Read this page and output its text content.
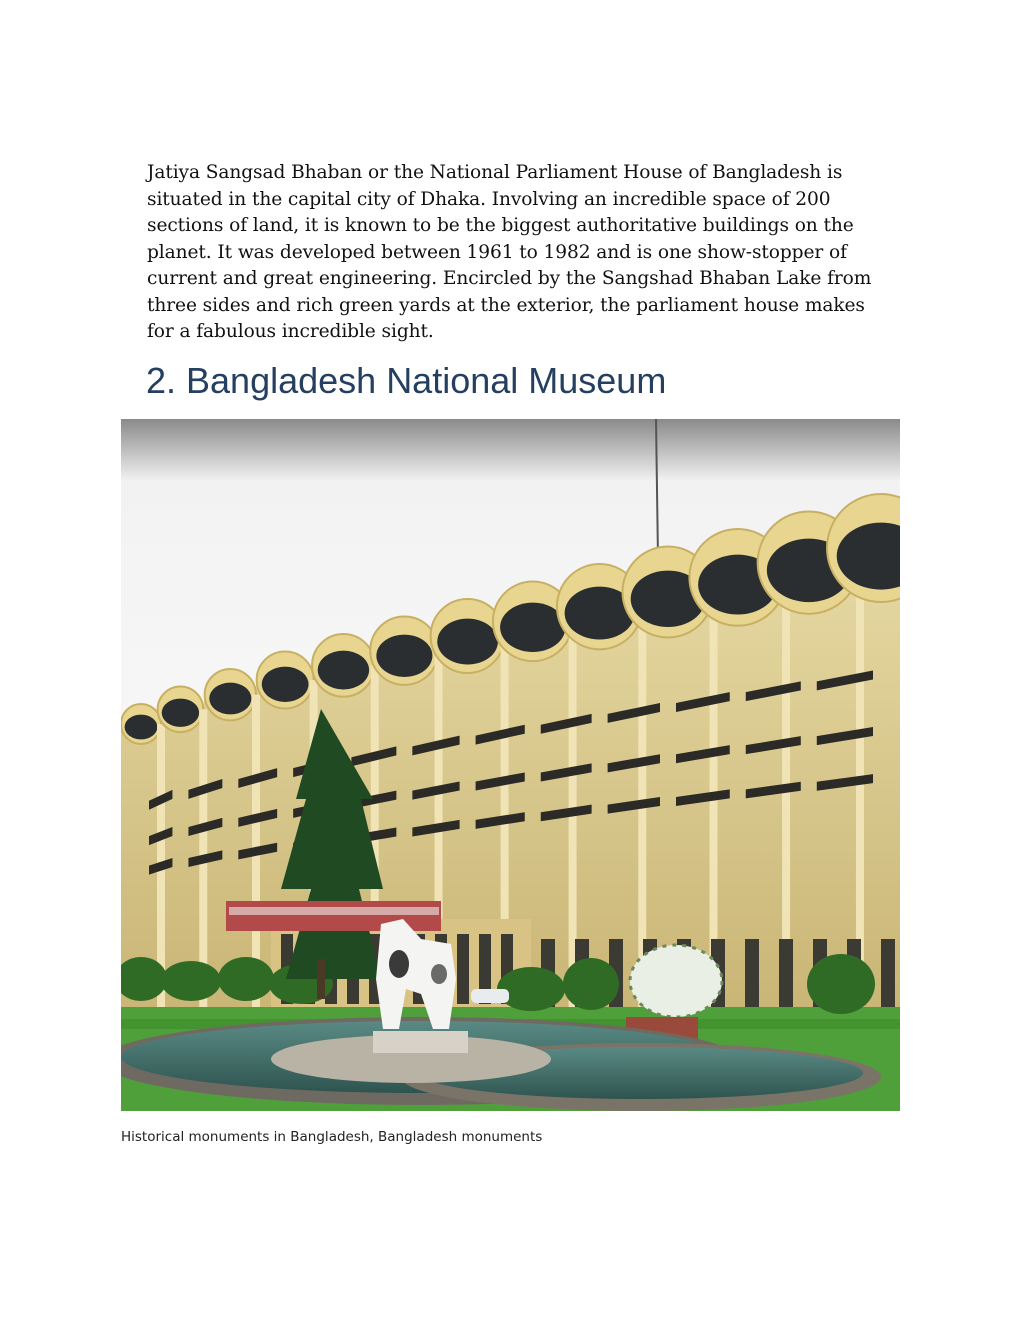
Jatiya Sangsad Bhaban or the National Parliament House of Bangladesh is situated in the capital city of Dhaka. Involving an incredible space of 200 sections of land, it is known to be the biggest authoritative buildings on the planet. It was developed between 1961 to 1982 and is one show-stopper of current and great engineering. Encircled by the Sangshad Bhaban Lake from three sides and rich green yards at the exterior, the parliament house makes for a fabulous incredible sight.

2. Bangladesh National Museum

Historical monuments in Bangladesh, Bangladesh monuments
